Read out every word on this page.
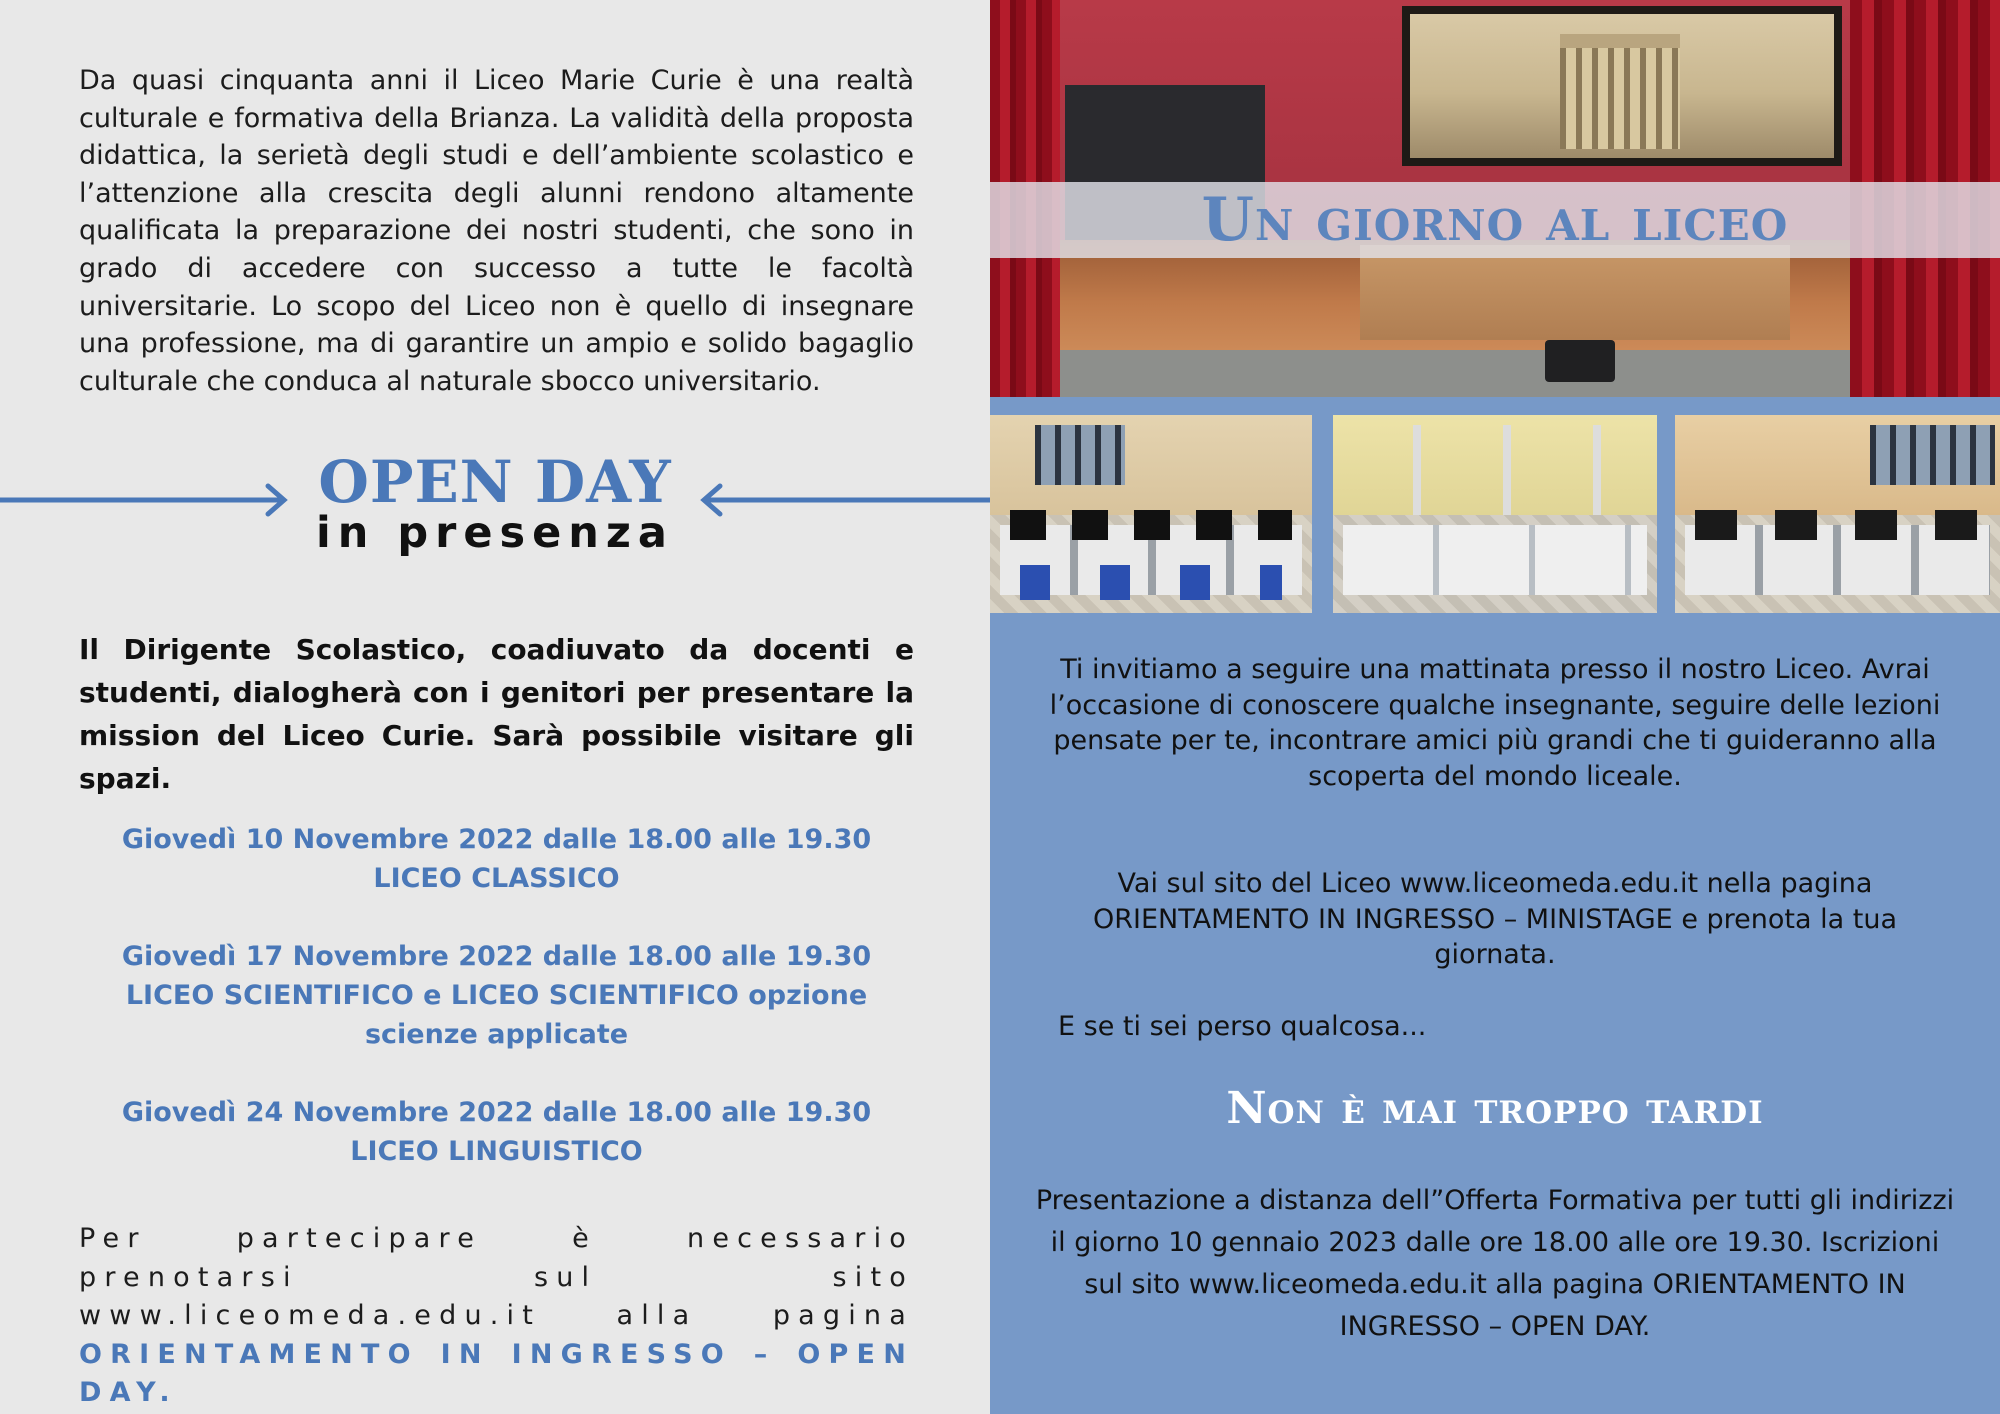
Da quasi cinquanta anni il Liceo Marie Curie è una realtà culturale e formativa della Brianza. La validità della proposta didattica, la serietà degli studi e dell’ambiente scolastico e l’attenzione alla crescita degli alunni rendono altamente qualificata la preparazione dei nostri studenti, che sono in grado di accedere con successo a tutte le facoltà universitarie. Lo scopo del Liceo non è quello di insegnare una professione, ma di garantire un ampio e solido bagaglio culturale che conduca al naturale sbocco universitario.

OPEN DAY
in presenza

Il Dirigente Scolastico, coadiuvato da docenti e studenti, dialogherà con i genitori per presentare la mission del Liceo Curie. Sarà possibile visitare gli spazi.

Giovedì 10 Novembre 2022 dalle 18.00 alle 19.30
LICEO CLASSICO
Giovedì 17 Novembre 2022 dalle 18.00 alle 19.30
LICEO SCIENTIFICO e LICEO SCIENTIFICO opzione scienze applicate
Giovedì 24 Novembre 2022 dalle 18.00 alle 19.30
LICEO LINGUISTICO

Per partecipare è necessario prenotarsi sul sito www.liceomeda.edu.it alla pagina ORIENTAMENTO IN INGRESSO – OPEN DAY.

Un giorno al liceo

Ti invitiamo a seguire una mattinata presso il nostro Liceo. Avrai l’occasione di conoscere qualche insegnante, seguire delle lezioni pensate per te, incontrare amici più grandi che ti guideranno alla scoperta del mondo liceale.

Vai sul sito del Liceo www.liceomeda.edu.it nella pagina ORIENTAMENTO IN INGRESSO – MINISTAGE e prenota la tua giornata.

E se ti sei perso qualcosa...

Non è mai troppo tardi

Presentazione a distanza dell”Offerta Formativa per tutti gli indirizzi il giorno 10 gennaio 2023 dalle ore 18.00 alle ore 19.30. Iscrizioni sul sito www.liceomeda.edu.it alla pagina ORIENTAMENTO IN INGRESSO – OPEN DAY.
